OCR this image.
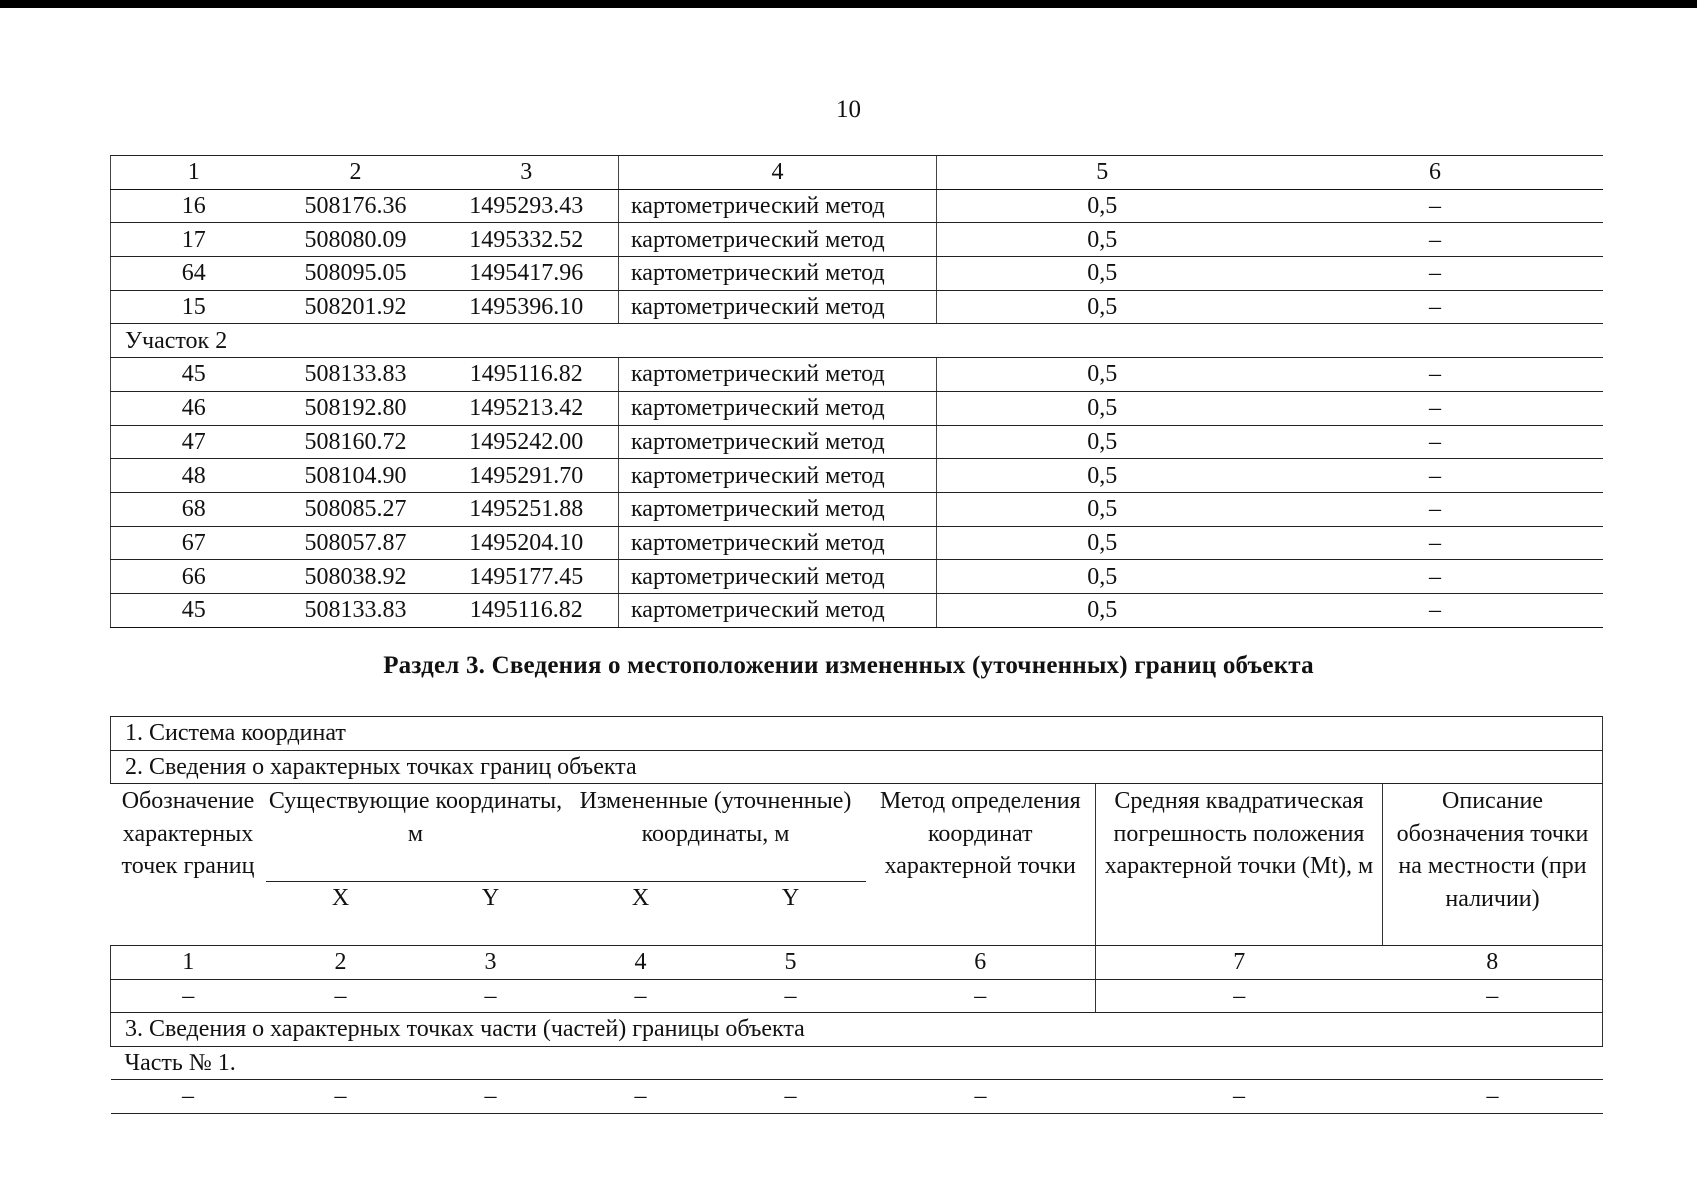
10
1	2	3	4	5	6
16	508176.36	1495293.43	картометрический метод	0,5	–
17	508080.09	1495332.52	картометрический метод	0,5	–
64	508095.05	1495417.96	картометрический метод	0,5	–
15	508201.92	1495396.10	картометрический метод	0,5	–
Участок 2					
45	508133.83	1495116.82	картометрический метод	0,5	–
46	508192.80	1495213.42	картометрический метод	0,5	–
47	508160.72	1495242.00	картометрический метод	0,5	–
48	508104.90	1495291.70	картометрический метод	0,5	–
68	508085.27	1495251.88	картометрический метод	0,5	–
67	508057.87	1495204.10	картометрический метод	0,5	–
66	508038.92	1495177.45	картометрический метод	0,5	–
45	508133.83	1495116.82	картометрический метод	0,5	–
Раздел 3. Сведения о местоположении измененных (уточненных) границ объекта
1. Система координат							
2. Сведения о характерных точках границ объекта							
Обозначение характерных точек границ	Существующие координаты, м		Измененные (уточненные) координаты, м		Метод определения координат характерной точки	Средняя квадратическая погрешность положения характерной точки (Mt), м	Описание обозначения точки на местности (при наличии)
	X	Y	X	Y			
1	2	3	4	5	6	7	8
–	–	–	–	–	–	–	–
3. Сведения о характерных точках части (частей) границы объекта							
Часть № 1.							
–	–	–	–	–	–	–	–
